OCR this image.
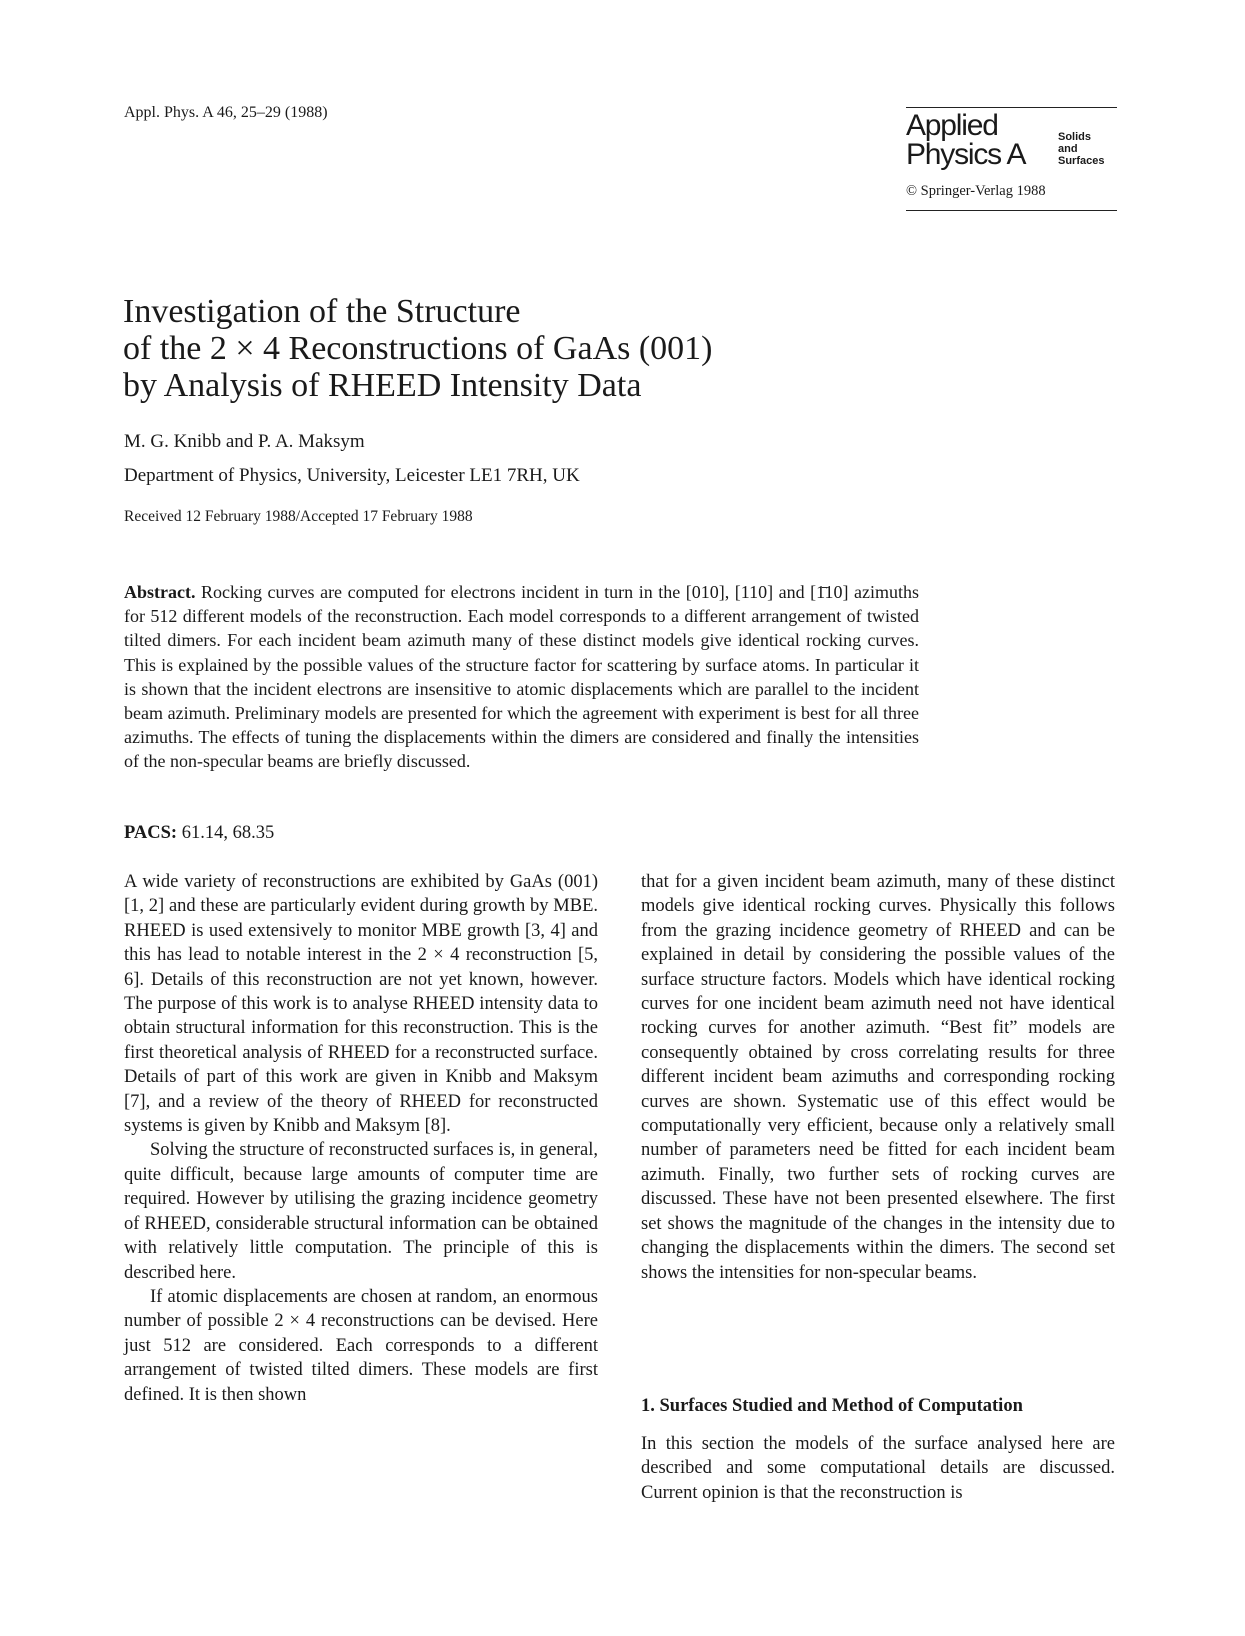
Appl. Phys. A 46, 25–29 (1988)	Applied
Physics A
Solids
and
Surfaces
© Springer-Verlag 1988
Investigation of the Structure
of the 2 × 4 Reconstructions of GaAs (001)
by Analysis of RHEED Intensity Data
M. G. Knibb and P. A. Maksym
Department of Physics, University, Leicester LE1 7RH, UK
Received 12 February 1988/Accepted 17 February 1988

Abstract. Rocking curves are computed for electrons incident in turn in the [010], [110] and [1̄10] azimuths for 512 different models of the reconstruction. Each model corresponds to a different arrangement of twisted tilted dimers. For each incident beam azimuth many of these distinct models give identical rocking curves. This is explained by the possible values of the structure factor for scattering by surface atoms. In particular it is shown that the incident electrons are insensitive to atomic displacements which are parallel to the incident beam azimuth. Preliminary models are presented for which the agreement with experiment is best for all three azimuths. The effects of tuning the displacements within the dimers are considered and finally the intensities of the non-specular beams are briefly discussed.

PACS: 61.14, 68.35

A wide variety of reconstructions are exhibited by GaAs (001) [1, 2] and these are particularly evident during growth by MBE. RHEED is used extensively to monitor MBE growth [3, 4] and this has lead to notable interest in the 2 × 4 reconstruction [5, 6]. Details of this reconstruction are not yet known, however. The purpose of this work is to analyse RHEED intensity data to obtain structural information for this reconstruction. This is the first theoretical analysis of RHEED for a reconstructed surface. Details of part of this work are given in Knibb and Maksym [7], and a review of the theory of RHEED for reconstructed systems is given by Knibb and Maksym [8].

Solving the structure of reconstructed surfaces is, in general, quite difficult, because large amounts of computer time are required. However by utilising the grazing incidence geometry of RHEED, considerable structural information can be obtained with relatively little computation. The principle of this is described here.

If atomic displacements are chosen at random, an enormous number of possible 2 × 4 reconstructions can be devised. Here just 512 are considered. Each corresponds to a different arrangement of twisted tilted dimers. These models are first defined. It is then shown

that for a given incident beam azimuth, many of these distinct models give identical rocking curves. Physically this follows from the grazing incidence geometry of RHEED and can be explained in detail by considering the possible values of the surface structure factors. Models which have identical rocking curves for one incident beam azimuth need not have identical rocking curves for another azimuth. “Best fit” models are consequently obtained by cross correlating results for three different incident beam azimuths and corresponding rocking curves are shown. Systematic use of this effect would be computationally very efficient, because only a relatively small number of parameters need be fitted for each incident beam azimuth. Finally, two further sets of rocking curves are discussed. These have not been presented elsewhere. The first set shows the magnitude of the changes in the intensity due to changing the displacements within the dimers. The second set shows the intensities for non-specular beams.

1. Surfaces Studied and Method of Computation

In this section the models of the surface analysed here are described and some computational details are discussed. Current opinion is that the reconstruction is
